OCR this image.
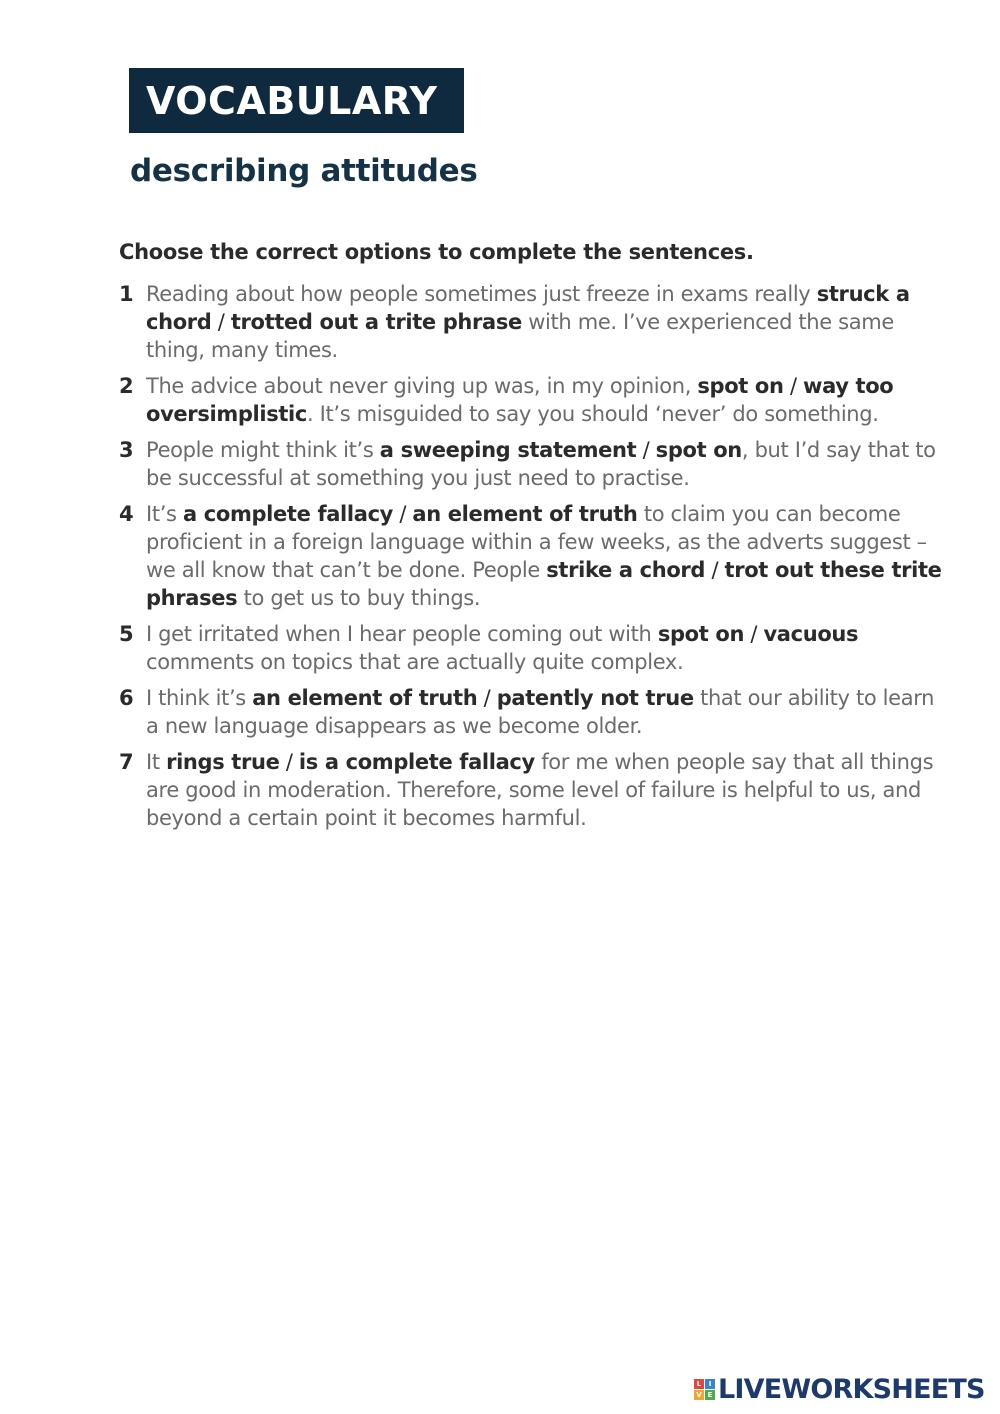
VOCABULARY
describing attitudes

Choose the correct options to complete the sentences.

1 Reading about how people sometimes just freeze in exams really struck a chord / trotted out a trite phrase with me. I’ve experienced the same thing, many times.
2 The advice about never giving up was, in my opinion, spot on / way too oversimplistic. It’s misguided to say you should ‘never’ do something.
3 People might think it’s a sweeping statement / spot on, but I’d say that to be successful at something you just need to practise.
4 It’s a complete fallacy / an element of truth to claim you can become proficient in a foreign language within a few weeks, as the adverts suggest – we all know that can’t be done. People strike a chord / trot out these trite phrases to get us to buy things.
5 I get irritated when I hear people coming out with spot on / vacuous comments on topics that are actually quite complex.
6 I think it’s an element of truth / patently not true that our ability to learn a new language disappears as we become older.
7 It rings true / is a complete fallacy for me when people say that all things are good in moderation. Therefore, some level of failure is helpful to us, and beyond a certain point it becomes harmful.
L	I
V E LIVEWORKSHEETS
